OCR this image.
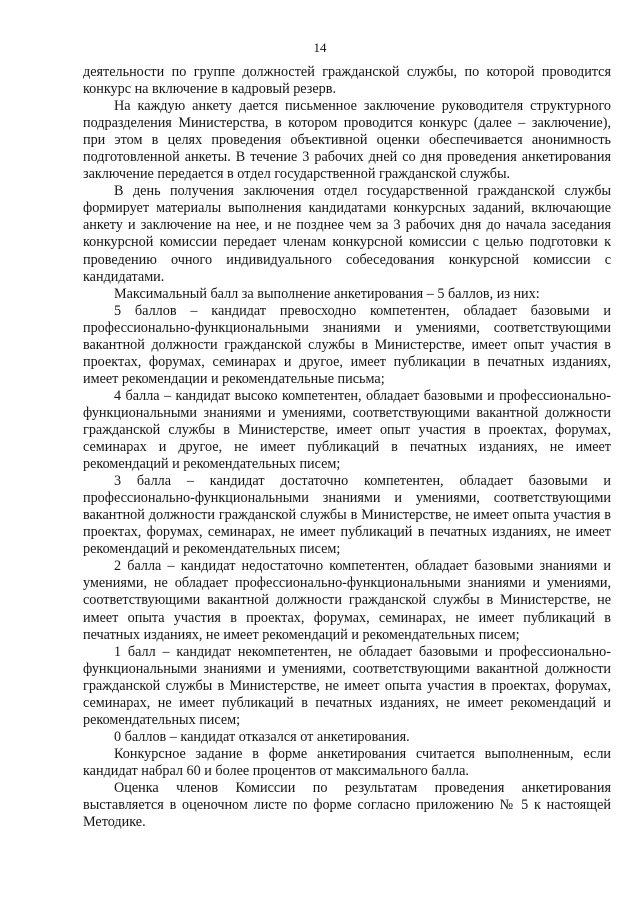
14

деятельности по группе должностей гражданской службы, по которой проводится конкурс на включение в кадровый резерв.

На каждую анкету дается письменное заключение руководителя структурного подразделения Министерства, в котором проводится конкурс (далее – заключение), при этом в целях проведения объективной оценки обеспечивается анонимность подготовленной анкеты. В течение 3 рабочих дней со дня проведения анкетирования заключение передается в отдел государственной гражданской службы.

В день получения заключения отдел государственной гражданской службы формирует материалы выполнения кандидатами конкурсных заданий, включающие анкету и заключение на нее, и не позднее чем за 3 рабочих дня до начала заседания конкурсной комиссии передает членам конкурсной комиссии с целью подготовки к проведению очного индивидуального собеседования конкурсной комиссии с кандидатами.

Максимальный балл за выполнение анкетирования – 5 баллов, из них:

5 баллов – кандидат превосходно компетентен, обладает базовыми и профессионально-функциональными знаниями и умениями, соответствующими вакантной должности гражданской службы в Министерстве, имеет опыт участия в проектах, форумах, семинарах и другое, имеет публикации в печатных изданиях, имеет рекомендации и рекомендательные письма;

4 балла – кандидат высоко компетентен, обладает базовыми и профессионально-функциональными знаниями и умениями, соответствующими вакантной должности гражданской службы в Министерстве, имеет опыт участия в проектах, форумах, семинарах и другое, не имеет публикаций в печатных изданиях, не имеет рекомендаций и рекомендательных писем;

3 балла – кандидат достаточно компетентен, обладает базовыми и профессионально-функциональными знаниями и умениями, соответствующими вакантной должности гражданской службы в Министерстве, не имеет опыта участия в проектах, форумах, семинарах, не имеет публикаций в печатных изданиях, не имеет рекомендаций и рекомендательных писем;

2 балла – кандидат недостаточно компетентен, обладает базовыми знаниями и умениями, не обладает профессионально-функциональными знаниями и умениями, соответствующими вакантной должности гражданской службы в Министерстве, не имеет опыта участия в проектах, форумах, семинарах, не имеет публикаций в печатных изданиях, не имеет рекомендаций и рекомендательных писем;

1 балл – кандидат некомпетентен, не обладает базовыми и профессионально-функциональными знаниями и умениями, соответствующими вакантной должности гражданской службы в Министерстве, не имеет опыта участия в проектах, форумах, семинарах, не имеет публикаций в печатных изданиях, не имеет рекомендаций и рекомендательных писем;

0 баллов – кандидат отказался от анкетирования.

Конкурсное задание в форме анкетирования считается выполненным, если кандидат набрал 60 и более процентов от максимального балла.

Оценка членов Комиссии по результатам проведения анкетирования выставляется в оценочном листе по форме согласно приложению № 5 к настоящей Методике.
